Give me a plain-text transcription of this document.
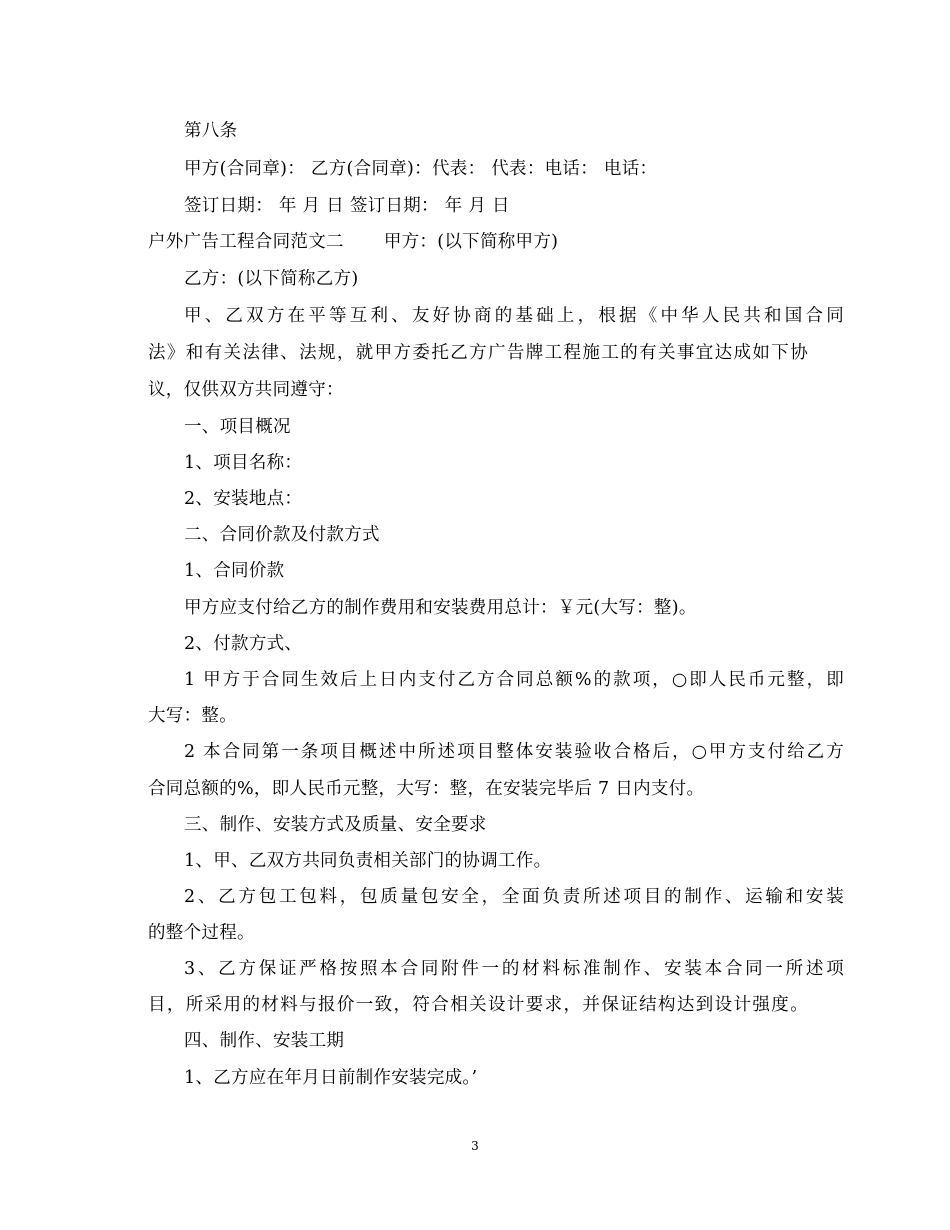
第八条
甲方(合同章)： 乙方(合同章)：代表： 代表：电话： 电话：
签订日期： 年 月 日 签订日期： 年 月 日
户外广告工程合同范文二 甲方：(以下简称甲方)
乙方：(以下简称乙方)
甲、乙双方在平等互利、友好协商的基础上，根据《中华人民共和国合同
法》和有关法律、法规，就甲方委托乙方广告牌工程施工的有关事宜达成如下协
议，仅供双方共同遵守：
一、项目概况
1、项目名称：
2、安装地点：
二、合同价款及付款方式
1、合同价款
甲方应支付给乙方的制作费用和安装费用总计：￥元(大写：整)。
2、付款方式、
1 甲方于合同生效后上日内支付乙方合同总额%的款项，○即人民币元整，即
大写：整。
2 本合同第一条项目概述中所述项目整体安装验收合格后，○甲方支付给乙方
合同总额的%，即人民币元整，大写：整，在安装完毕后 7 日内支付。
三、制作、安装方式及质量、安全要求
1、甲、乙双方共同负责相关部门的协调工作。
2、乙方包工包料，包质量包安全，全面负责所述项目的制作、运输和安装
的整个过程。
3、乙方保证严格按照本合同附件一的材料标准制作、安装本合同一所述项
目，所采用的材料与报价一致，符合相关设计要求，并保证结构达到设计强度。
四、制作、安装工期
1、乙方应在年月日前制作安装完成。’
3
